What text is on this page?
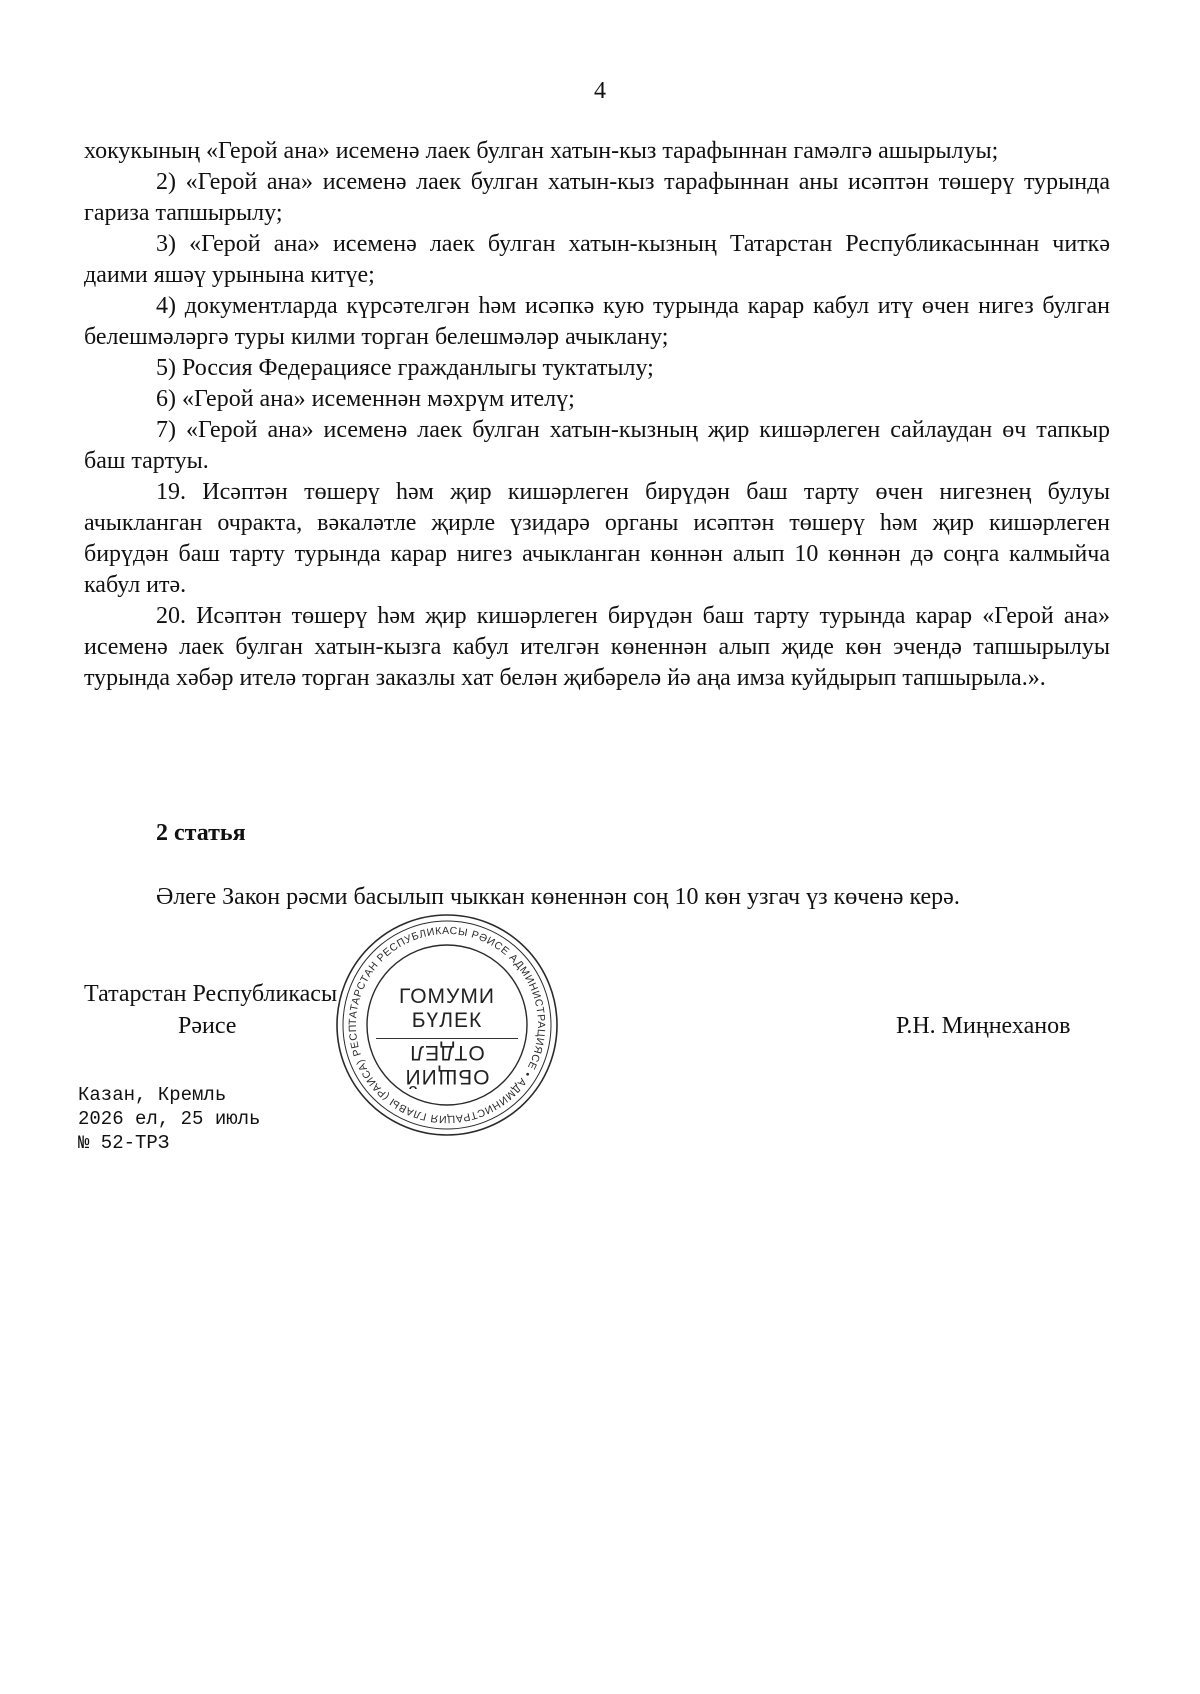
4

хокукының «Герой ана» исеменә лаек булган хатын-кыз тарафыннан гамәлгә ашырылуы;

2) «Герой ана» исеменә лаек булган хатын-кыз тарафыннан аны исәптән төшерү турында гариза тапшырылу;

3) «Герой ана» исеменә лаек булган хатын-кызның Татарстан Республикасыннан читкә даими яшәү урынына китүе;

4) документларда күрсәтелгән һәм исәпкә кую турында карар кабул итү өчен нигез булган белешмәләргә туры килми торган белешмәләр ачыклану;

5) Россия Федерациясе гражданлыгы туктатылу;

6) «Герой ана» исеменнән мәхрүм ителү;

7) «Герой ана» исеменә лаек булган хатын-кызның җир кишәрлеген сайлаудан өч тапкыр баш тартуы.

19. Исәптән төшерү һәм җир кишәрлеген бирүдән баш тарту өчен нигезнең булуы ачыкланган очракта, вәкаләтле җирле үзидарә органы исәптән төшерү һәм җир кишәрлеген бирүдән баш тарту турында карар нигез ачыкланган көннән алып 10 көннән дә соңга калмыйча кабул итә.

20. Исәптән төшерү һәм җир кишәрлеген бирүдән баш тарту турында карар «Герой ана» исеменә лаек булган хатын-кызга кабул ителгән көненнән алып җиде көн эчендә тапшырылуы турында хәбәр ителә торган заказлы хат белән җибәрелә йә аңа имза куйдырып тапшырыла.».

2 статья
Әлеге Закон рәсми басылып чыккан көненнән соң 10 көн узгач үз көченә керә.
Татарстан Республикасы
Рәисе	Р.Н. Миңнеханов
Казан, Кремль
2026 ел, 25 июль
№ 52-ТРЗ
ТАТАРСТАН РЕСПУБЛИКАСЫ РӘИСЕ АДМИНИСТРАЦИЯСЕ • АДМИНИСТРАЦИЯ ГЛАВЫ (РАИСА) РЕСП
ГОМУМИ
БҮЛЕК
ОТДЕЛ
ОБЩИЙ
